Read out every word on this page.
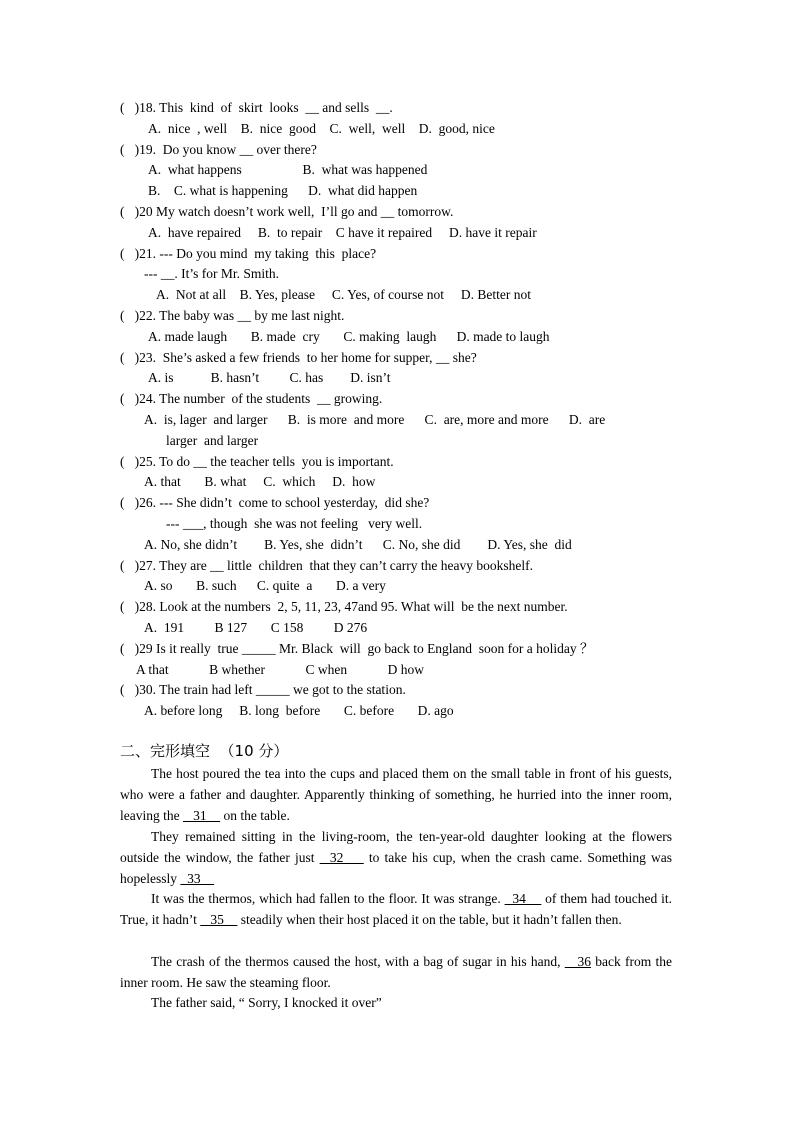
(   )18. This  kind  of  skirt  looks  __ and sells  __.
A.  nice  , well    B.  nice  good    C.  well,  well    D.  good, nice
(   )19.  Do you know __ over there?
A.  what happens                  B.  what was happened
B.    C. what is happening      D.  what did happen
(   )20 My watch doesn’t work well,  I’ll go and __ tomorrow.
A.  have repaired     B.  to repair    C have it repaired     D. have it repair
(   )21. --- Do you mind  my taking  this  place?
--- __. It’s for Mr. Smith.
A.  Not at all    B. Yes, please     C. Yes, of course not     D. Better not
(   )22. The baby was __ by me last night.
A. made laugh       B. made  cry       C. making  laugh      D. made to laugh
(   )23.  She’s asked a few friends  to her home for supper, __ she?
A. is           B. hasn’t         C. has        D. isn’t
(   )24. The number  of the students  __ growing.
A.  is, lager  and larger      B.  is more  and more      C.  are, more and more      D.  are
larger  and larger
(   )25. To do __ the teacher tells  you is important.
A. that       B. what     C.  which     D.  how
(   )26. --- She didn’t  come to school yesterday,  did she?
--- ___, though  she was not feeling   very well.
A. No, she didn’t        B. Yes, she  didn’t      C. No, she did        D. Yes, she  did
(   )27. They are __ little  children  that they can’t carry the heavy bookshelf.
A. so       B. such      C. quite  a       D. a very
(   )28. Look at the numbers  2, 5, 11, 23, 47and 95. What will  be the next number.
A.  191         B 127       C 158         D 276
(   )29 Is it really  true _____ Mr. Black  will  go back to England  soon for a holiday ？
A that            B whether            C when            D how
(   )30. The train had left _____ we got to the station.
A. before long     B. long  before       C. before       D. ago
二、完形填空  （10 分）

The host poured the tea into the cups and placed them on the small table in front of his guests, who were a father and daughter. Apparently thinking of something, he hurried into the inner room, leaving the    31     on the table.

They remained sitting in the living-room, the ten-year-old daughter looking at the flowers outside the window, the father just   32     to take his cup, when the crash came. Something was hopelessly   33

It was the thermos, which had fallen to the floor. It was strange.   34     of them had touched it. True, it hadn’t    35     steadily when their host placed it on the table, but it hadn’t fallen then.

The crash of the thermos caused the host, with a bag of sugar in his hand,    36 back from the inner room. He saw the steaming floor.

The father said, “ Sorry, I knocked it over”
